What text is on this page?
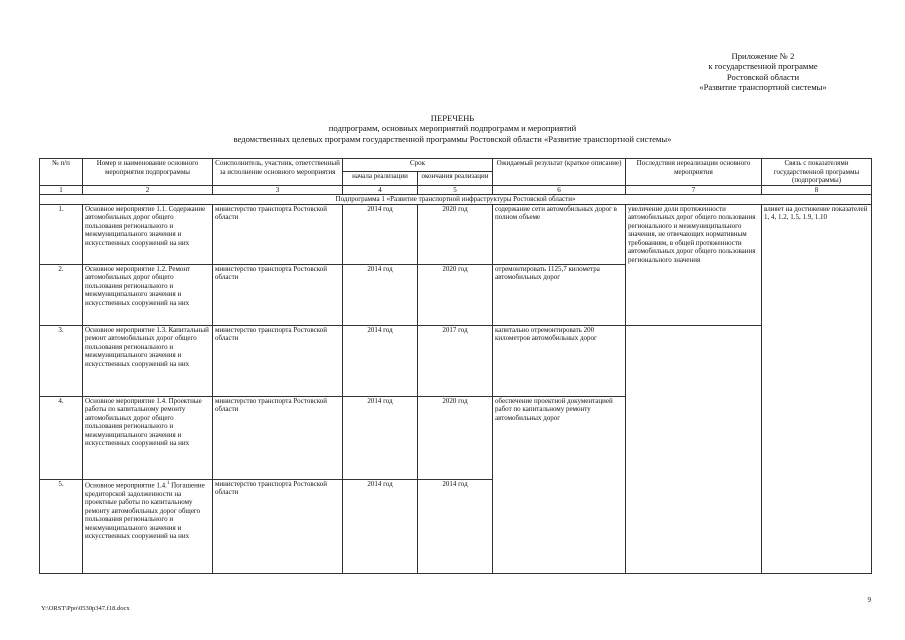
Приложение № 2
к государственной программе
Ростовской области
«Развитие транспортной системы»
ПЕРЕЧЕНЬ
подпрограмм, основных мероприятий подпрограмм и мероприятий
ведомственных целевых программ государственной программы Ростовской области «Развитие транспортной системы»
№ п/п	Номер и наименование основного мероприятия подпрограммы	Соисполнитель, участник, ответственный за исполнение основного мероприятия	Срок		Ожидаемый результат (краткое описание)	Последствия нереализации основного мероприятия	Связь с показателями государственной программы (подпрограммы)
			начала реализации	окончания реализации			
1	2	3	4	5	6	7	8
Подпрограмма 1 «Развитие транспортной инфраструктуры Ростовской области»							
1.	Основное мероприятие 1.1. Содержание автомобильных дорог общего пользования регионального и межмуниципального значения и искусственных сооружений на них	министерство транспорта Ростовской области	2014 год	2020 год	содержание сети автомобильных дорог в полном объеме	увеличение доли протяженности автомобильных дорог общего пользования регионального и межмуниципального значения, не отвечающих нормативным требованиям, в общей протяженности автомобильных дорог общего пользования регионального значения	влияет на достижение показателей 1, 4, 1.2, 1.5, 1.9, 1.10
2.	Основное мероприятие 1.2. Ремонт автомобильных дорог общего пользования регионального и межмуниципального значения и искусственных сооружений на них	министерство транспорта Ростовской области	2014 год	2020 год	отремонтировать 1125,7 километра автомобильных дорог		
3.	Основное мероприятие 1.3. Капитальный ремонт автомобильных дорог общего пользования регионального и межмуниципального значения и искусственных сооружений на них	министерство транспорта Ростовской области	2014 год	2017 год	капитально отремонтировать 200 километров автомобильных дорог		
4.	Основное мероприятие 1.4. Проектные работы по капитальному ремонту автомобильных дорог общего пользования регионального и межмуниципального значения и искусственных сооружений на них	министерство транспорта Ростовской области	2014 год	2020 год	обеспечение проектной документацией работ по капитальному ремонту автомобильных дорог		
5.	Основное мероприятие 1.4.$^1$ Погашение кредиторской задолженности на проектные работы по капитальному ремонту автомобильных дорог общего пользования регионального и межмуниципального значения и искусственных сооружений на них	министерство транспорта Ростовской области	2014 год	2014 год			
9
Y:\ORST\Ppo\0530p347.f18.docx
